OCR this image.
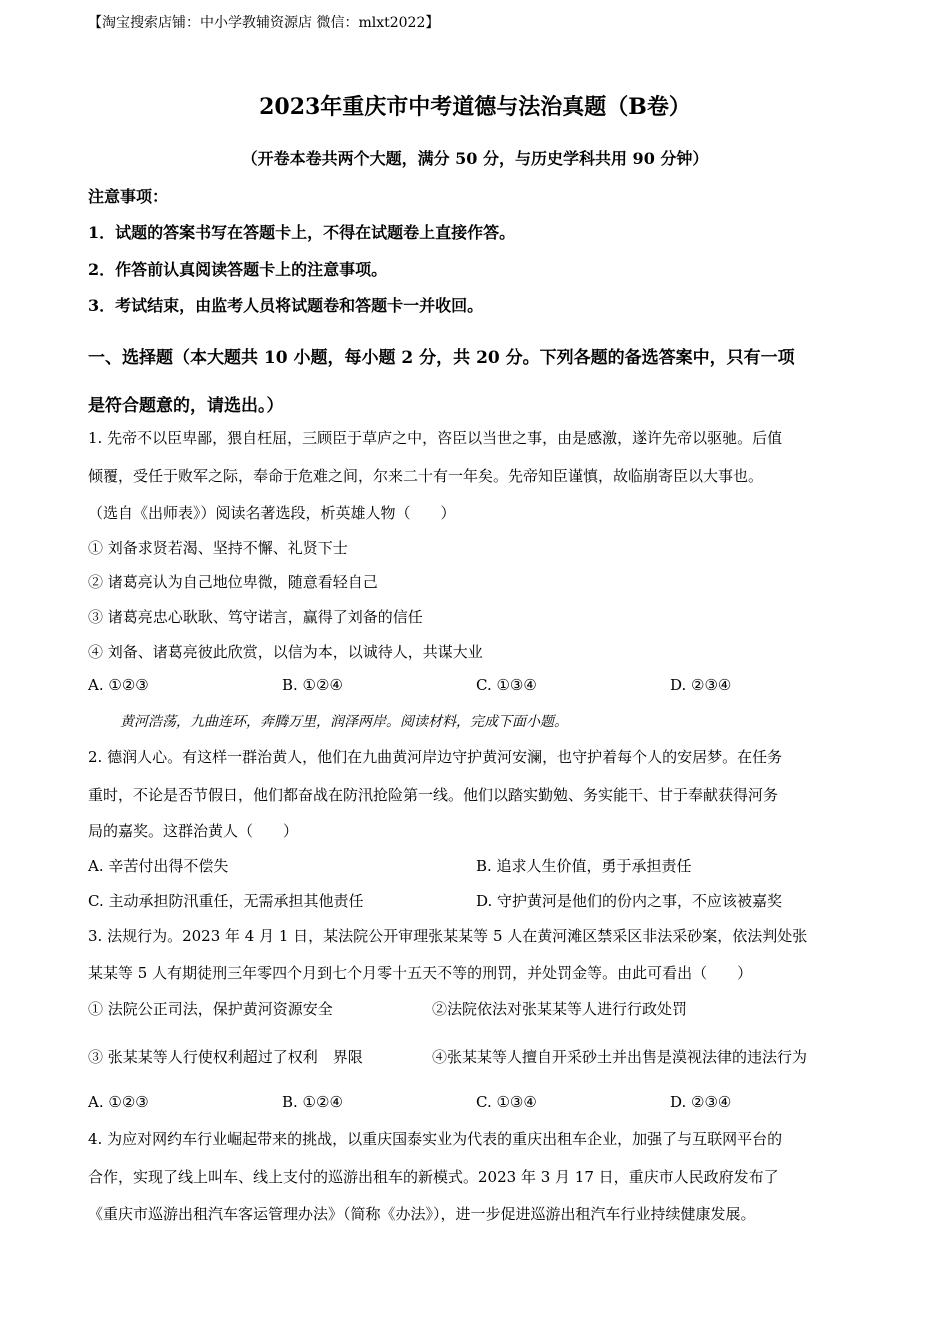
【淘宝搜索店铺：中小学教辅资源店 微信：mlxt2022】
2023年重庆市中考道德与法治真题（B卷）
（开卷本卷共两个大题，满分 50 分，与历史学科共用 90 分钟）
注意事项：
1．试题的答案书写在答题卡上，不得在试题卷上直接作答。
2．作答前认真阅读答题卡上的注意事项。
3．考试结束，由监考人员将试题卷和答题卡一并收回。
一、选择题（本大题共 10 小题，每小题 2 分，共 20 分。下列各题的备选答案中，只有一项
是符合题意的，请选出。）
1. 先帝不以臣卑鄙，猥自枉屈，三顾臣于草庐之中，咨臣以当世之事，由是感激，遂许先帝以驱驰。后值
倾覆，受任于败军之际，奉命于危难之间，尔来二十有一年矣。先帝知臣谨慎，故临崩寄臣以大事也。
（选自《出师表》）阅读名著选段，析英雄人物（　　）
① 刘备求贤若渴、坚持不懈、礼贤下士
② 诸葛亮认为自己地位卑微，随意看轻自己
③ 诸葛亮忠心耿耿、笃守诺言，赢得了刘备的信任
④ 刘备、诸葛亮彼此欣赏，以信为本，以诚待人，共谋大业
A. ①②③	B. ①②④	C. ①③④	D. ②③④
黄河浩荡，九曲连环，奔腾万里，润泽两岸。阅读材料，完成下面小题。
2. 德润人心。有这样一群治黄人，他们在九曲黄河岸边守护黄河安澜，也守护着每个人的安居梦。在任务
重时，不论是否节假日，他们都奋战在防汛抢险第一线。他们以踏实勤勉、务实能干、甘于奉献获得河务
局的嘉奖。这群治黄人（　　）
A. 辛苦付出得不偿失	B. 追求人生价值，勇于承担责任
C. 主动承担防汛重任，无需承担其他责任	D. 守护黄河是他们的份内之事，不应该被嘉奖
3. 法规行为。2023 年 4 月 1 日，某法院公开审理张某某等 5 人在黄河滩区禁采区非法采砂案，依法判处张
某某等 5 人有期徒刑三年零四个月到七个月零十五天不等的刑罚，并处罚金等。由此可看出（　　）
① 法院公正司法，保护黄河资源安全	②法院依法对张某某等人进行行政处罚
③ 张某某等人行使权利超过了权利　界限	④张某某等人擅自开采砂土并出售是漠视法律的违法行为
A. ①②③	B. ①②④	C. ①③④	D. ②③④
4. 为应对网约车行业崛起带来的挑战，以重庆国泰实业为代表的重庆出租车企业，加强了与互联网平台的
合作，实现了线上叫车、线上支付的巡游出租车的新模式。2023 年 3 月 17 日，重庆市人民政府发布了
《重庆市巡游出租汽车客运管理办法》（简称《办法》），进一步促进巡游出租汽车行业持续健康发展。
